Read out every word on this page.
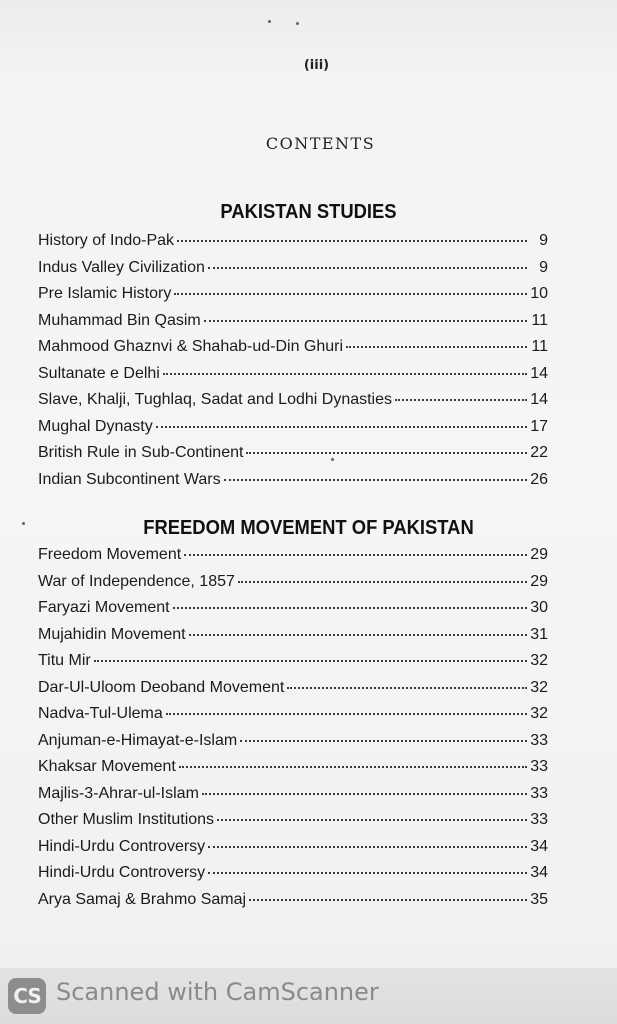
(iii)
CONTENTS
PAKISTAN STUDIES
History of Indo-Pak	9
Indus Valley Civilization	9
Pre Islamic History	10
Muhammad Bin Qasim	11
Mahmood Ghaznvi & Shahab-ud-Din Ghuri	11
Sultanate e Delhi	14
Slave, Khalji, Tughlaq, Sadat and Lodhi Dynasties	14
Mughal Dynasty	17
British Rule in Sub-Continent	22
Indian Subcontinent Wars	26
FREEDOM MOVEMENT OF PAKISTAN
Freedom Movement	29
War of Independence, 1857	29
Faryazi Movement	30
Mujahidin Movement	31
Titu Mir	32
Dar-Ul-Uloom Deoband Movement	32
Nadva-Tul-Ulema	32
Anjuman-e-Himayat-e-Islam	33
Khaksar Movement	33
Majlis-3-Ahrar-ul-Islam	33
Other Muslim Institutions	33
Hindi-Urdu Controversy	34
Hindi-Urdu Controversy	34
Arya Samaj & Brahmo Samaj	35
CS Scanned with CamScanner
